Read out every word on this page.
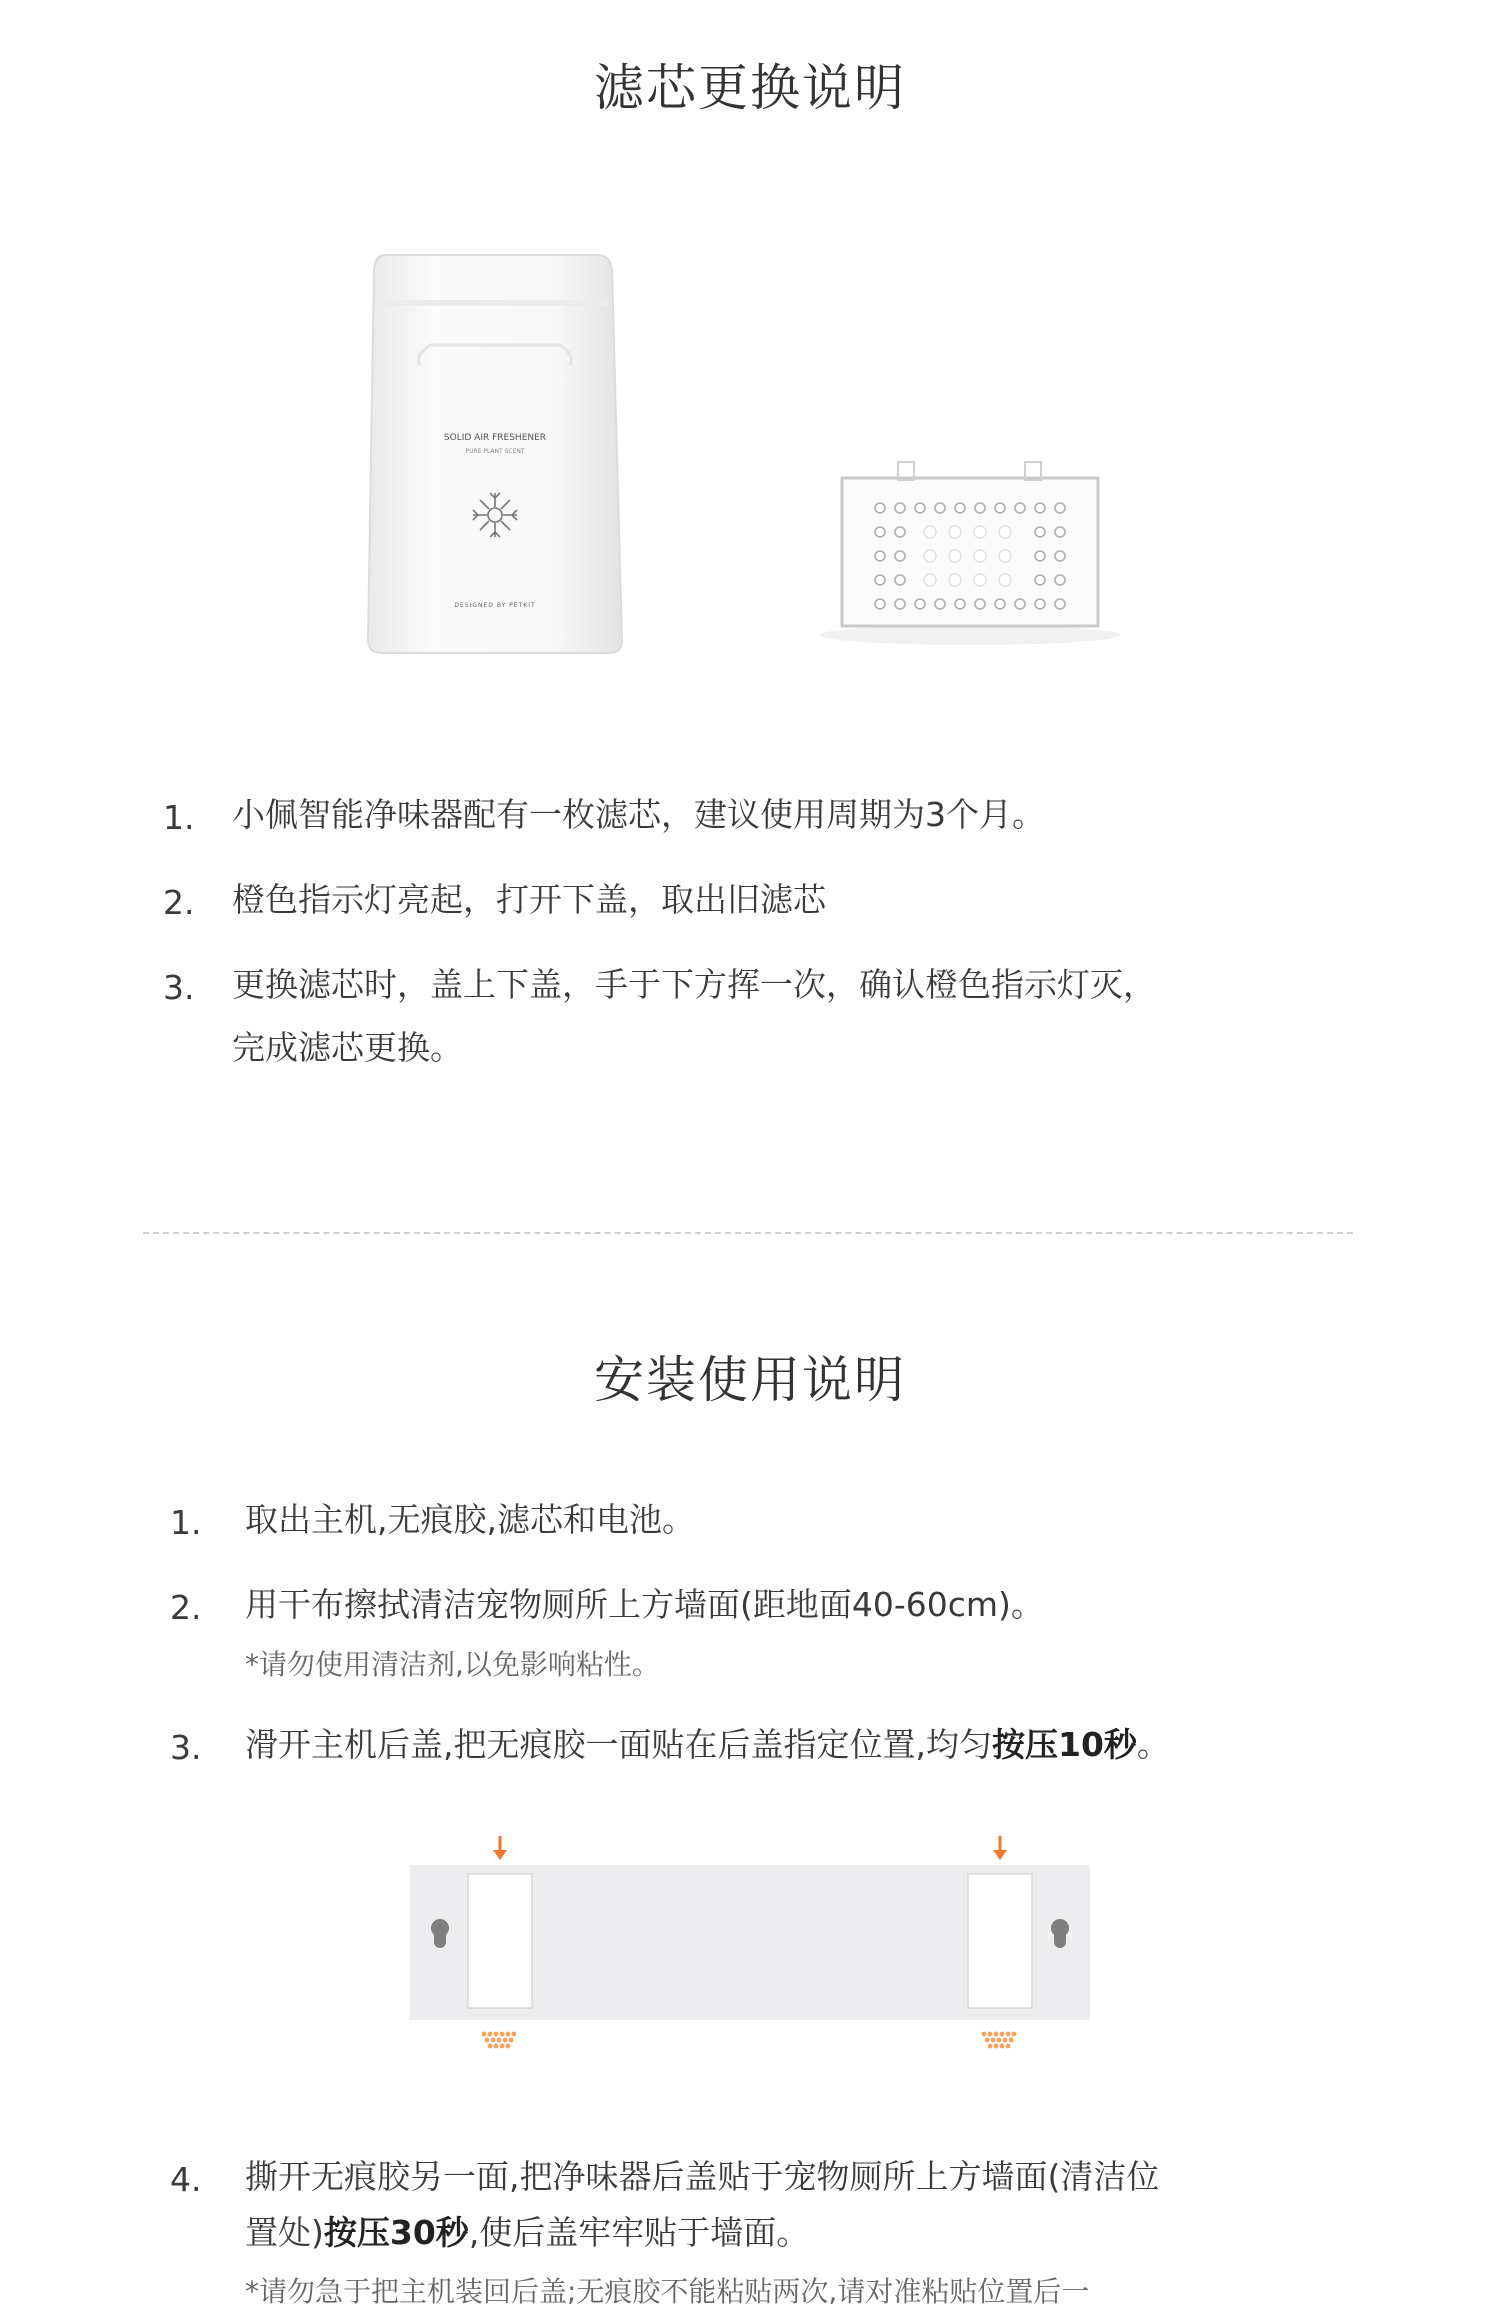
滤芯更换说明
SOLID AIR FRESHENER
PURE PLANT SCENT
DESIGNED BY PETKIT
1. 小佩智能净味器配有一枚滤芯，建议使用周期为3个月。
2. 橙色指示灯亮起，打开下盖，取出旧滤芯
3. 更换滤芯时，盖上下盖，手于下方挥一次，确认橙色指示灯灭，
完成滤芯更换。
安装使用说明
1. 取出主机,无痕胶,滤芯和电池。
2. 用干布擦拭清洁宠物厕所上方墙面(距地面40-60cm)。
*请勿使用清洁剂,以免影响粘性。
3. 滑开主机后盖,把无痕胶一面贴在后盖指定位置,均匀按压10秒。
4. 撕开无痕胶另一面,把净味器后盖贴于宠物厕所上方墙面(清洁位
置处)按压30秒,使后盖牢牢贴于墙面。
*请勿急于把主机装回后盖;无痕胶不能粘贴两次,请对准粘贴位置后一
